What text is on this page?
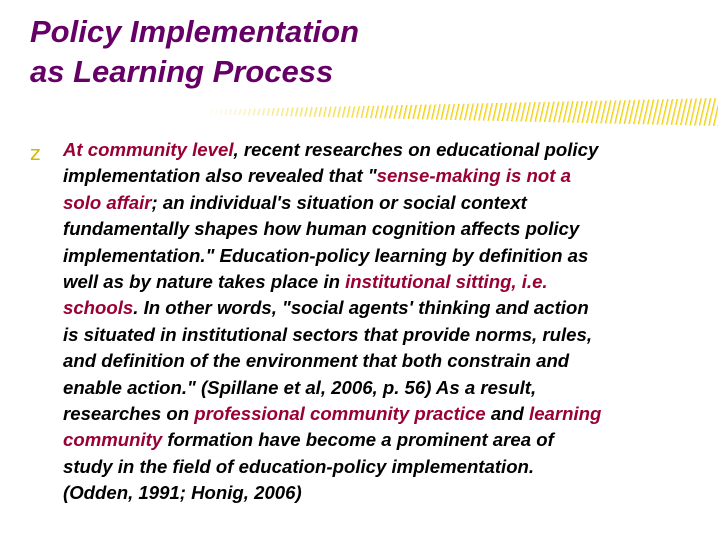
Policy Implementation
as Learning Process
z At community level, recent researches on educational policy
implementation also revealed that "sense-making is not a
solo affair; an individual's situation or social context
fundamentally shapes how human cognition affects policy
implementation." Education-policy learning by definition as
well as by nature takes place in institutional sitting, i.e.
schools. In other words, "social agents' thinking and action
is situated in institutional sectors that provide norms, rules,
and definition of the environment that both constrain and
enable action." (Spillane et al, 2006, p. 56) As a result,
researches on professional community practice and learning
community formation have become a prominent area of
study in the field of education-policy implementation.
(Odden, 1991; Honig, 2006)
